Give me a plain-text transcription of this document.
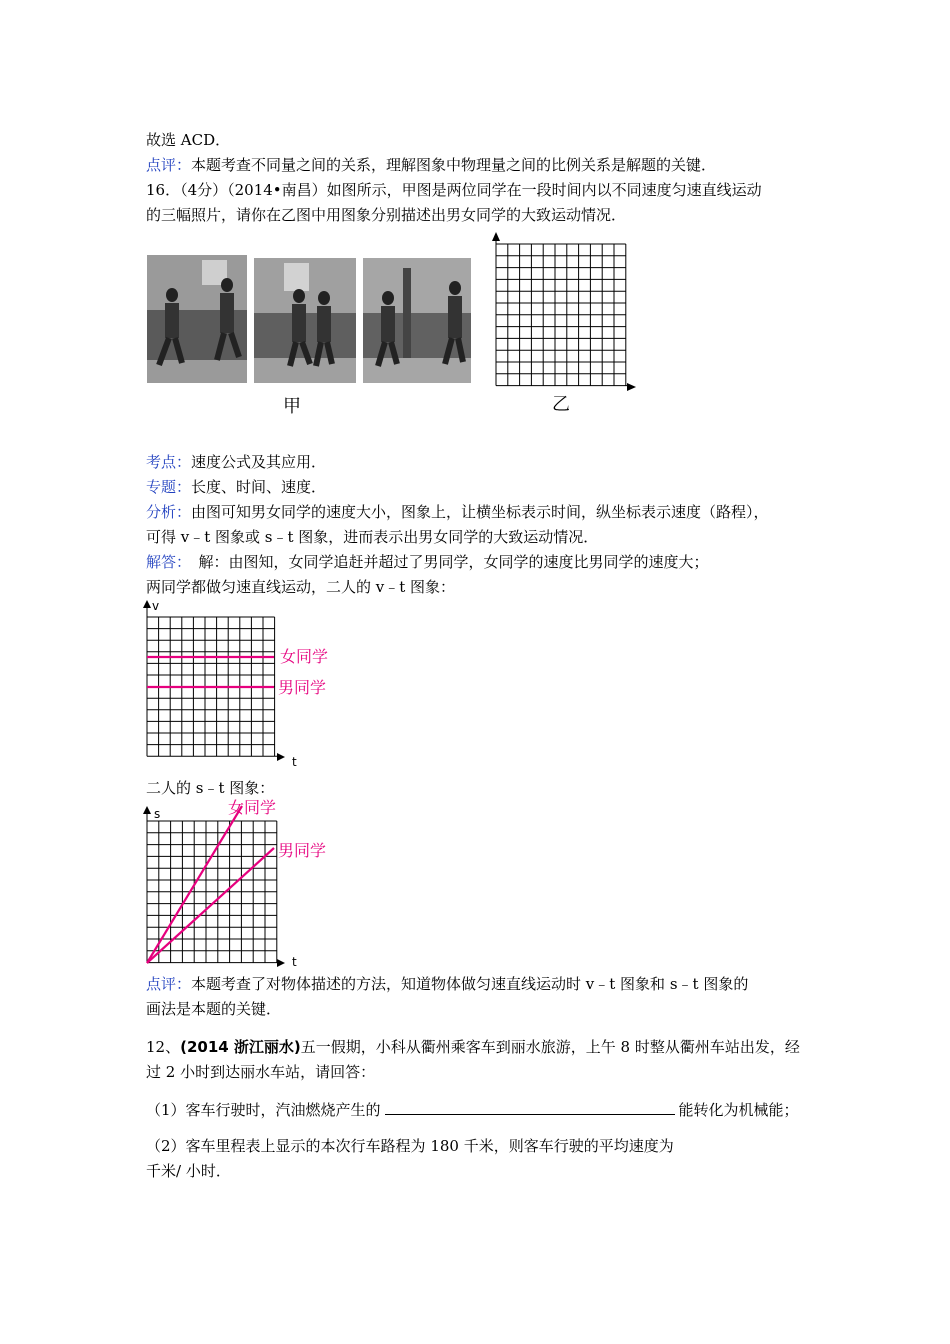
故选 ACD．
点评：本题考查不同量之间的关系，理解图象中物理量之间的比例关系是解题的关键．
16．（4分）（2014•南昌）如图所示，甲图是两位同学在一段时间内以不同速度匀速直线运动
的三幅照片，请你在乙图中用图象分别描述出男女同学的大致运动情况．
甲	乙
考点：速度公式及其应用．
专题：长度、时间、速度．
分析：由图可知男女同学的速度大小，图象上，让横坐标表示时间，纵坐标表示速度（路程），
可得 v﹣t 图象或 s﹣t 图象，进而表示出男女同学的大致运动情况．
解答：　解：由图知，女同学追赶并超过了男同学，女同学的速度比男同学的速度大；
两同学都做匀速直线运动，二人的 v﹣t 图象：
v
t
女同学
男同学
二人的 s﹣t 图象：
s
t
女同学
男同学
点评：本题考查了对物体描述的方法，知道物体做匀速直线运动时 v﹣t 图象和 s﹣t 图象的
画法是本题的关键．
12、(2014 浙江丽水)五一假期，小科从衢州乘客车到丽水旅游，上午 8 时整从衢州车站出发，经
过 2 小时到达丽水车站，请回答：
（1）客车行驶时，汽油燃烧产生的	能转化为机械能；
（2）客车里程表上显示的本次行车路程为 180 千米，则客车行驶的平均速度为
千米/ 小时．
